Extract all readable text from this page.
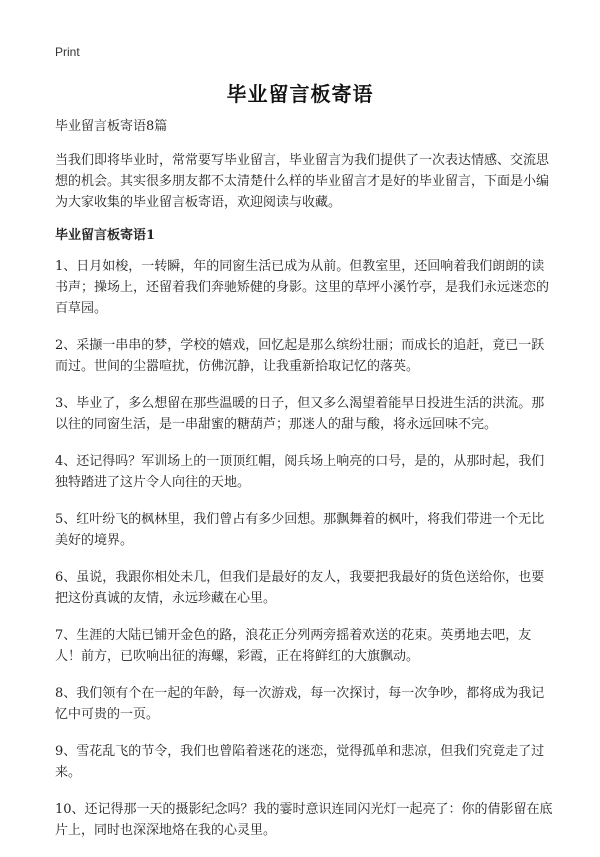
Print
毕业留言板寄语

毕业留言板寄语8篇

当我们即将毕业时，常常要写毕业留言，毕业留言为我们提供了一次表达情感、交流思想的机会。其实很多朋友都不太清楚什么样的毕业留言才是好的毕业留言，下面是小编为大家收集的毕业留言板寄语，欢迎阅读与收藏。

毕业留言板寄语1

1、日月如梭，一转瞬，年的同窗生活已成为从前。但教室里，还回响着我们朗朗的读书声；操场上，还留着我们奔驰矫健的身影。这里的草坪小溪竹亭，是我们永远迷恋的百草园。

2、采撷一串串的梦，学校的嬉戏，回忆起是那么缤纷壮丽；而成长的追赶，竟已一跃而过。世间的尘嚣喧扰，仿佛沉静，让我重新拾取记忆的落英。

3、毕业了，多么想留在那些温暖的日子，但又多么渴望着能早日投进生活的洪流。那以往的同窗生活，是一串甜蜜的糖葫芦；那迷人的甜与酸，将永远回味不完。

4、还记得吗？军训场上的一顶顶红帽，阅兵场上响亮的口号，是的，从那时起，我们独特踏进了这片令人向往的天地。

5、红叶纷飞的枫林里，我们曾占有多少回想。那飘舞着的枫叶，将我们带进一个无比美好的境界。

6、虽说，我跟你相处未几，但我们是最好的友人，我要把我最好的货色送给你，也要把这份真诚的友情，永远珍藏在心里。

7、生涯的大陆已铺开金色的路，浪花正分列两旁摇着欢送的花束。英勇地去吧，友人！前方，已吹响出征的海螺，彩霞，正在将鲜红的大旗飘动。

8、我们领有个在一起的年龄，每一次游戏，每一次探讨，每一次争吵，都将成为我记忆中可贵的一页。

9、雪花乱飞的节令，我们也曾陷着迷花的迷恋，觉得孤单和悲凉，但我们究竟走了过来。

10、还记得那一天的摄影纪念吗？我的霎时意识连同闪光灯一起亮了：你的倩影留在底片上，同时也深深地烙在我的心灵里。
